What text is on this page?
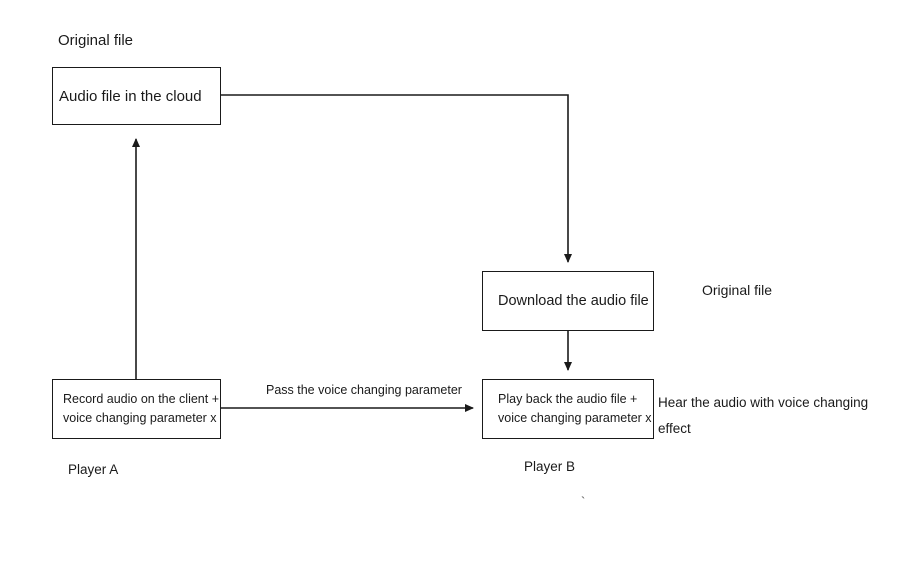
Audio file in the cloud
Download the audio file
Record audio on the client +
voice changing parameter x
Play back the audio file +
voice changing parameter x
Original file
Original file
Pass the voice changing parameter
Hear the audio with voice changing effect
Player A	Player B
`
